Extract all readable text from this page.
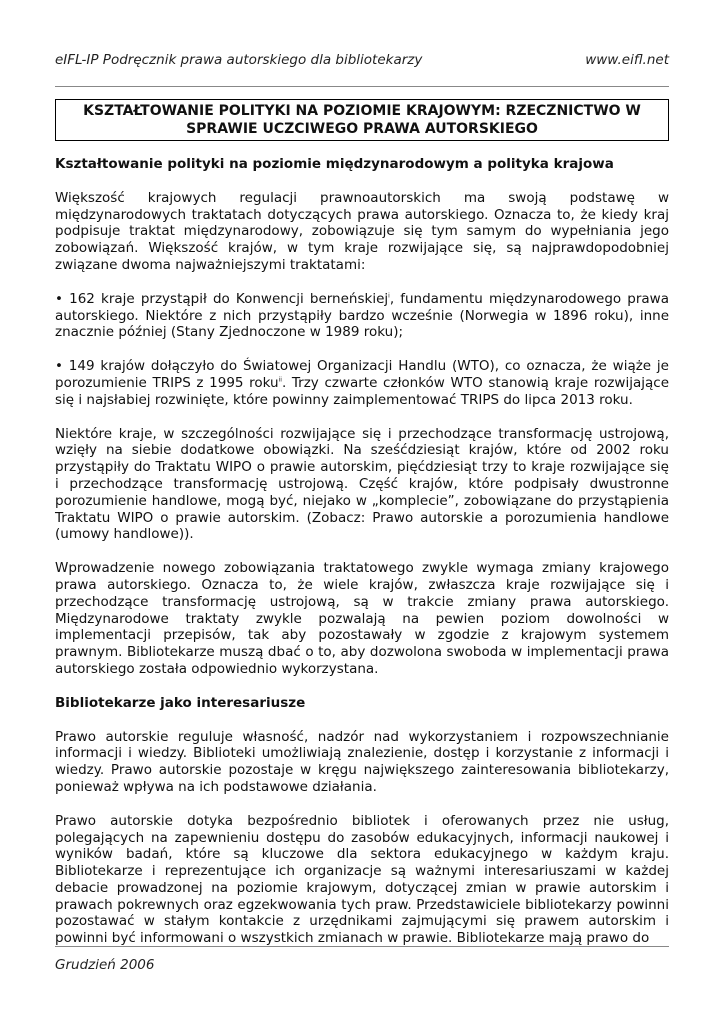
eIFL-IP Podręcznik prawa autorskiego dla bibliotekarzy	www.eifl.net
KSZTAŁTOWANIE POLITYKI NA POZIOMIE KRAJOWYM: RZECZNICTWO W SPRAWIE UCZCIWEGO PRAWA AUTORSKIEGO
Kształtowanie polityki na poziomie międzynarodowym a polityka krajowa

Większość krajowych regulacji prawnoautorskich ma swoją podstawę w międzynarodowych traktatach dotyczących prawa autorskiego. Oznacza to, że kiedy kraj podpisuje traktat międzynarodowy, zobowiązuje się tym samym do wypełniania jego zobowiązań. Większość krajów, w tym kraje rozwijające się, są najprawdopodobniej związane dwoma najważniejszymi traktatami:

• 162 kraje przystąpił do Konwencji berneńskiej$^i$, fundamentu międzynarodowego prawa autorskiego. Niektóre z nich przystąpiły bardzo wcześnie (Norwegia w 1896 roku), inne znacznie później (Stany Zjednoczone w 1989 roku);

• 149 krajów dołączyło do Światowej Organizacji Handlu (WTO), co oznacza, że wiąże je porozumienie TRIPS z 1995 roku$^{ii}$. Trzy czwarte członków WTO stanowią kraje rozwijające się i najsłabiej rozwinięte, które powinny zaimplementować TRIPS do lipca 2013 roku.

Niektóre kraje, w szczególności rozwijające się i przechodzące transformację ustrojową, wzięły na siebie dodatkowe obowiązki. Na sześćdziesiąt krajów, które od 2002 roku przystąpiły do Traktatu WIPO o prawie autorskim, pięćdziesiąt trzy to kraje rozwijające się i przechodzące transformację ustrojową. Część krajów, które podpisały dwustronne porozumienie handlowe, mogą być, niejako w „komplecie”, zobowiązane do przystąpienia Traktatu WIPO o prawie autorskim. (Zobacz: Prawo autorskie a porozumienia handlowe (umowy handlowe)).

Wprowadzenie nowego zobowiązania traktatowego zwykle wymaga zmiany krajowego prawa autorskiego. Oznacza to, że wiele krajów, zwłaszcza kraje rozwijające się i przechodzące transformację ustrojową, są w trakcie zmiany prawa autorskiego. Międzynarodowe traktaty zwykle pozwalają na pewien poziom dowolności w implementacji przepisów, tak aby pozostawały w zgodzie z krajowym systemem prawnym. Bibliotekarze muszą dbać o to, aby dozwolona swoboda w implementacji prawa autorskiego została odpowiednio wykorzystana.

Bibliotekarze jako interesariusze

Prawo autorskie reguluje własność, nadzór nad wykorzystaniem i rozpowszechnianie informacji i wiedzy. Biblioteki umożliwiają znalezienie, dostęp i korzystanie z informacji i wiedzy. Prawo autorskie pozostaje w kręgu największego zainteresowania bibliotekarzy, ponieważ wpływa na ich podstawowe działania.

Prawo autorskie dotyka bezpośrednio bibliotek i oferowanych przez nie usług, polegających na zapewnieniu dostępu do zasobów edukacyjnych, informacji naukowej i wyników badań, które są kluczowe dla sektora edukacyjnego w każdym kraju. Bibliotekarze i reprezentujące ich organizacje są ważnymi interesariuszami w każdej debacie prowadzonej na poziomie krajowym, dotyczącej zmian w prawie autorskim i prawach pokrewnych oraz egzekwowania tych praw. Przedstawiciele bibliotekarzy powinni pozostawać w stałym kontakcie z urzędnikami zajmującymi się prawem autorskim i powinni być informowani o wszystkich zmianach w prawie. Bibliotekarze mają prawo do

Grudzień 2006
